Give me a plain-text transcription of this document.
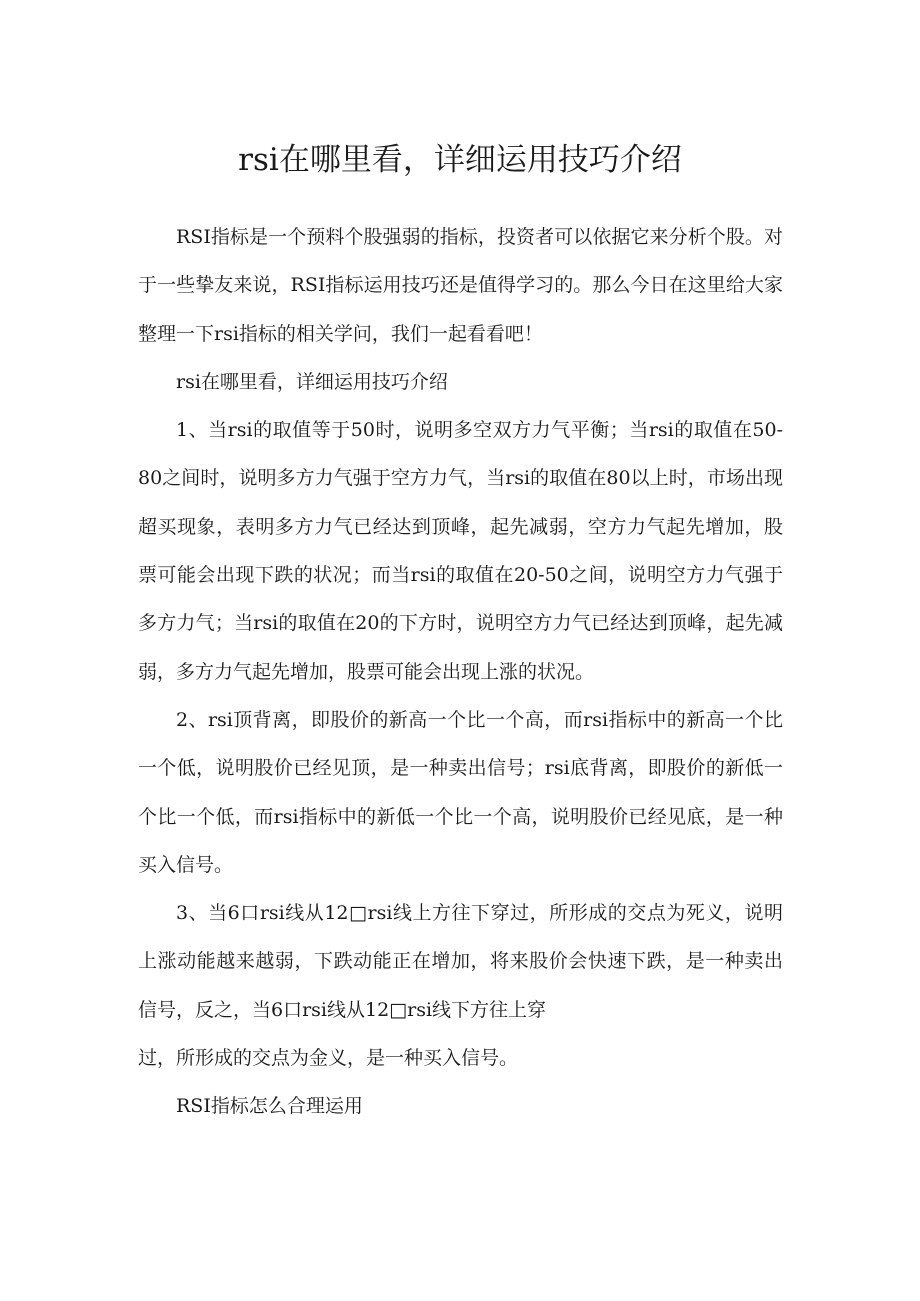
rsi在哪里看，详细运用技巧介绍

RSI指标是一个预料个股强弱的指标，投资者可以依据它来分析个股。对于一些挚友来说，RSI指标运用技巧还是值得学习的。那么今日在这里给大家整理一下rsi指标的相关学问，我们一起看看吧！

rsi在哪里看，详细运用技巧介绍

1、当rsi的取值等于50时，说明多空双方力气平衡；当rsi的取值在50-80之间时，说明多方力气强于空方力气，当rsi的取值在80以上时，市场出现超买现象，表明多方力气已经达到顶峰，起先减弱，空方力气起先增加，股票可能会出现下跌的状况；而当rsi的取值在20-50之间，说明空方力气强于多方力气；当rsi的取值在20的下方时，说明空方力气已经达到顶峰，起先减弱，多方力气起先增加，股票可能会出现上涨的状况。

2、rsi顶背离，即股价的新高一个比一个高，而rsi指标中的新高一个比一个低，说明股价已经见顶，是一种卖出信号；rsi底背离，即股价的新低一个比一个低，而rsi指标中的新低一个比一个高，说明股价已经见底，是一种买入信号。

3、当6口rsi线从12□rsi线上方往下穿过，所形成的交点为死义，说明上涨动能越来越弱，下跌动能正在增加，将来股价会快速下跌，是一种卖出信号，反之，当6口rsi线从12□rsi线下方往上穿

过，所形成的交点为金义，是一种买入信号。

RSI指标怎么合理运用
